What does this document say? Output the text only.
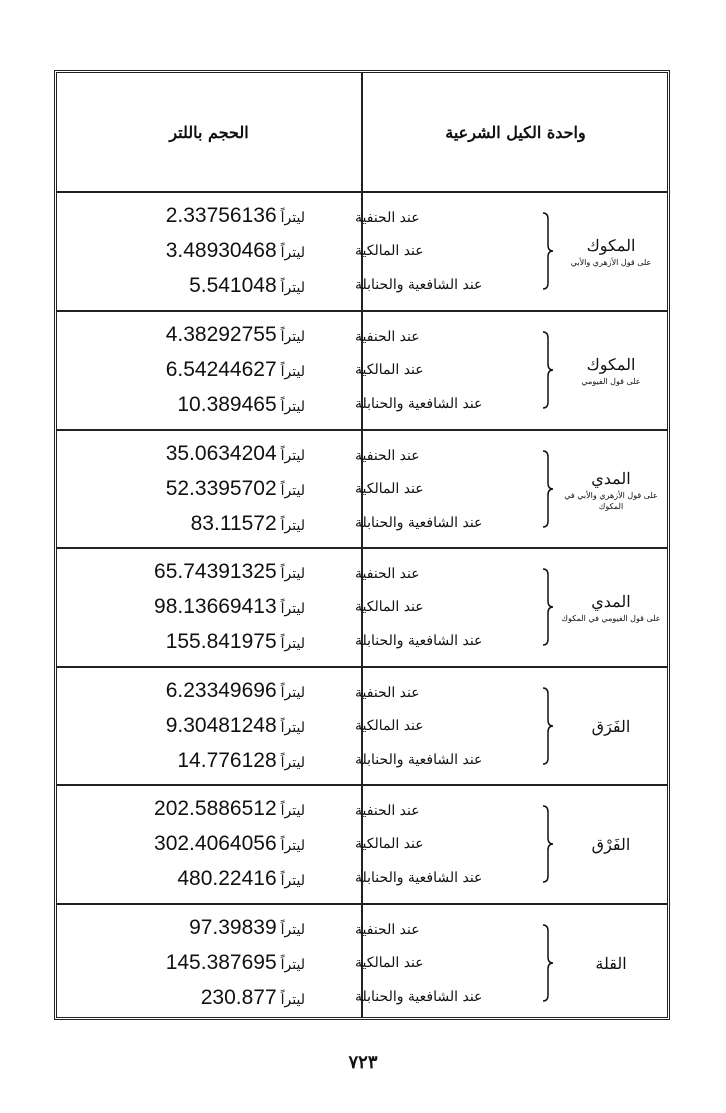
واحدة الكيل الشرعية
الحجم باللتر
2.33756136 ليتراً
3.48930468 ليتراً
5.541048 ليتراً
عند الحنفية
عند المالكية
عند الشافعية والحنابلة
المكوك
على قول الأزهري والأبي
4.38292755 ليتراً
6.54244627 ليتراً
10.389465 ليتراً
عند الحنفية
عند المالكية
عند الشافعية والحنابلة
المكوك
على قول الفيومي
35.0634204 ليتراً
52.3395702 ليتراً
83.11572 ليتراً
عند الحنفية
عند المالكية
عند الشافعية والحنابلة
المدي
على قول الأزهري والأبي في المكوك
65.74391325 ليتراً
98.13669413 ليتراً
155.841975 ليتراً
عند الحنفية
عند المالكية
عند الشافعية والحنابلة
المدي
على قول الفيومي في المكوك
6.23349696 ليتراً
9.30481248 ليتراً
14.776128 ليتراً
عند الحنفية
عند المالكية
عند الشافعية والحنابلة
الفَرَق
202.5886512 ليتراً
302.4064056 ليتراً
480.22416 ليتراً
عند الحنفية
عند المالكية
عند الشافعية والحنابلة
الفَرْق
97.39839 ليتراً
145.387695 ليتراً
230.877 ليتراً
عند الحنفية
عند المالكية
عند الشافعية والحنابلة
القلة
٧٢٣
